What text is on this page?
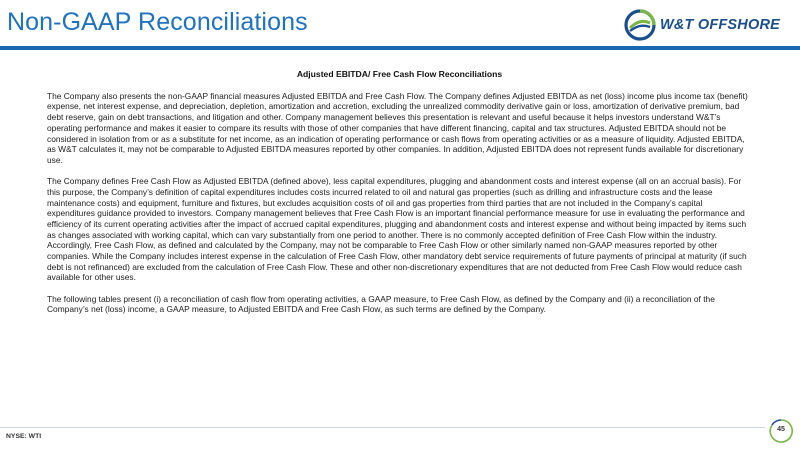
Non-GAAP Reconciliations	W&T OFFSHORE
Adjusted EBITDA/ Free Cash Flow Reconciliations

The Company also presents the non-GAAP financial measures Adjusted EBITDA and Free Cash Flow. The Company defines Adjusted EBITDA as net (loss) income plus income tax (benefit) expense, net interest expense, and depreciation, depletion, amortization and accretion, excluding the unrealized commodity derivative gain or loss, amortization of derivative premium, bad debt reserve, gain on debt transactions, and litigation and other. Company management believes this presentation is relevant and useful because it helps investors understand W&T’s operating performance and makes it easier to compare its results with those of other companies that have different financing, capital and tax structures. Adjusted EBITDA should not be considered in isolation from or as a substitute for net income, as an indication of operating performance or cash flows from operating activities or as a measure of liquidity. Adjusted EBITDA, as W&T calculates it, may not be comparable to Adjusted EBITDA measures reported by other companies. In addition, Adjusted EBITDA does not represent funds available for discretionary use.

The Company defines Free Cash Flow as Adjusted EBITDA (defined above), less capital expenditures, plugging and abandonment costs and interest expense (all on an accrual basis). For this purpose, the Company’s definition of capital expenditures includes costs incurred related to oil and natural gas properties (such as drilling and infrastructure costs and the lease maintenance costs) and equipment, furniture and fixtures, but excludes acquisition costs of oil and gas properties from third parties that are not included in the Company’s capital expenditures guidance provided to investors. Company management believes that Free Cash Flow is an important financial performance measure for use in evaluating the performance and efficiency of its current operating activities after the impact of accrued capital expenditures, plugging and abandonment costs and interest expense and without being impacted by items such as changes associated with working capital, which can vary substantially from one period to another. There is no commonly accepted definition of Free Cash Flow within the industry. Accordingly, Free Cash Flow, as defined and calculated by the Company, may not be comparable to Free Cash Flow or other similarly named non-GAAP measures reported by other companies. While the Company includes interest expense in the calculation of Free Cash Flow, other mandatory debt service requirements of future payments of principal at maturity (if such debt is not refinanced) are excluded from the calculation of Free Cash Flow. These and other non-discretionary expenditures that are not deducted from Free Cash Flow would reduce cash available for other uses.

The following tables present (i) a reconciliation of cash flow from operating activities, a GAAP measure, to Free Cash Flow, as defined by the Company and (ii) a reconciliation of the Company’s net (loss) income, a GAAP measure, to Adjusted EBITDA and Free Cash Flow, as such terms are defined by the Company.

NYSE: WTI
45
